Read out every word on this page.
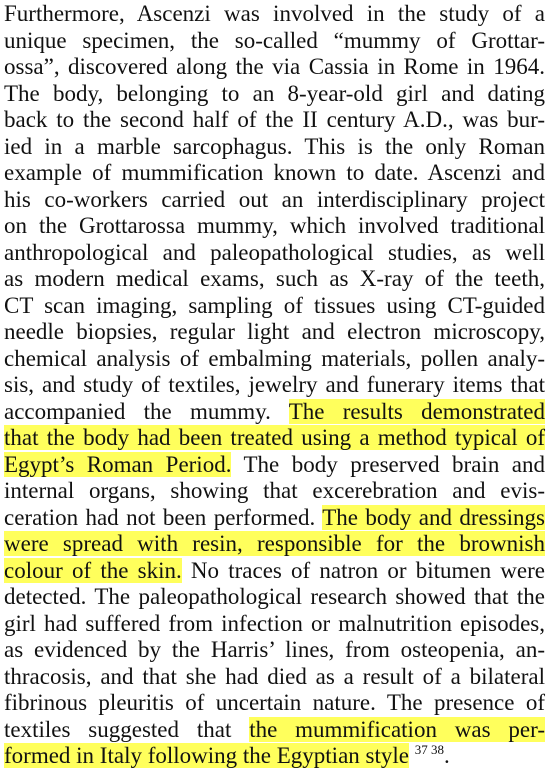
Furthermore, Ascenzi was involved in the study of a
unique specimen, the so-called “mummy of Grottar-
ossa”, discovered along the via Cassia in Rome in 1964.
The body, belonging to an 8-year-old girl and dating
back to the second half of the II century A.D., was bur-
ied in a marble sarcophagus. This is the only Roman
example of mummification known to date. Ascenzi and
his co-workers carried out an interdisciplinary project
on the Grottarossa mummy, which involved traditional
anthropological and paleopathological studies, as well
as modern medical exams, such as X-ray of the teeth,
CT scan imaging, sampling of tissues using CT-guided
needle biopsies, regular light and electron microscopy,
chemical analysis of embalming materials, pollen analy-
sis, and study of textiles, jewelry and funerary items that
accompanied the mummy. The results demonstrated
that the body had been treated using a method typical of
Egypt’s Roman Period. The body preserved brain and
internal organs, showing that excerebration and evis-
ceration had not been performed. The body and dressings
were spread with resin, responsible for the brownish
colour of the skin. No traces of natron or bitumen were
detected. The paleopathological research showed that the
girl had suffered from infection or malnutrition episodes,
as evidenced by the Harris’ lines, from osteopenia, an-
thracosis, and that she had died as a result of a bilateral
fibrinous pleuritis of uncertain nature. The presence of
textiles suggested that the mummification was per-
formed in Italy following the Egyptian style $^{37 38}$.
